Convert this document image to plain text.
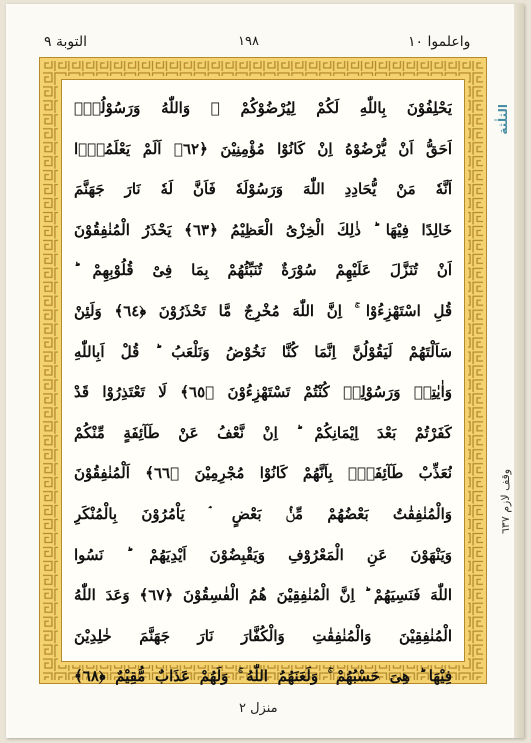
واعلموا ١٠
١٩٨
التوبة ٩
يَحْلِفُوْنَ بِاللّٰهِ لَكُمْ لِيُرْضُوْكُمْ ۚ وَاللّٰهُ وَرَسُوْلُهٗۤ
اَحَقُّ اَنْ يُّرْضُوْهُ اِنْ كَانُوْا مُؤْمِنِيْنَ ﴿٦٢﴾ اَلَمْ يَعْلَمُوْۤا
اَنَّهٗ مَنْ يُّحَادِدِ اللّٰهَ وَرَسُوْلَهٗ فَاَنَّ لَهٗ نَارَ جَهَنَّمَ
خَالِدًا فِيْهَا ؕ ذٰلِكَ الْخِزْىُ الْعَظِيْمُ ﴿٦٣﴾ يَحْذَرُ الْمُنٰفِقُوْنَ
اَنْ تُنَزَّلَ عَلَيْهِمْ سُوْرَةٌ تُنَبِّئُهُمْ بِمَا فِىْ قُلُوْبِهِمْ ؕ
قُلِ اسْتَهْزِءُوْا ۚ اِنَّ اللّٰهَ مُخْرِجٌ مَّا تَحْذَرُوْنَ ﴿٦٤﴾ وَلَئِنْ
سَاَلْتَهُمْ لَيَقُوْلُنَّ اِنَّمَا كُنَّا نَخُوْضُ وَنَلْعَبُ ؕ قُلْ اَبِاللّٰهِ
وَاٰيٰتِهٖ وَرَسُوْلِهٖ كُنْتُمْ تَسْتَهْزِءُوْنَ ﴿٦٥﴾ لَا تَعْتَذِرُوْا قَدْ
كَفَرْتُمْ بَعْدَ اِيْمَانِكُمْ ؕ اِنْ نَّعْفُ عَنْ طَآئِفَةٍ مِّنْكُمْ
نُعَذِّبْ طَآئِفَةًۢ بِاَنَّهُمْ كَانُوْا مُجْرِمِيْنَ ﴿٦٦﴾ اَلْمُنٰفِقُوْنَ
وَالْمُنٰفِقٰتُ بَعْضُهُمْ مِّنْۢ بَعْضٍ ۘ يَاْمُرُوْنَ بِالْمُنْكَرِ
وَيَنْهَوْنَ عَنِ الْمَعْرُوْفِ وَيَقْبِضُوْنَ اَيْدِيَهُمْ ؕ نَسُوا
اللّٰهَ فَنَسِيَهُمْ ؕ اِنَّ الْمُنٰفِقِيْنَ هُمُ الْفٰسِقُوْنَ ﴿٦٧﴾ وَعَدَ اللّٰهُ
الْمُنٰفِقِيْنَ وَالْمُنٰفِقٰتِ وَالْكُفَّارَ نَارَ جَهَنَّمَ خٰلِدِيْنَ
فِيْهَا ؕ هِىَ حَسْبُهُمْ ۚ وَلَعَنَهُمُ اللّٰهُ ۚ وَلَهُمْ عَذَابٌ مُّقِيْمٌ ﴿٦٨﴾
الثلٰثة
وقف لازم ٦٣٧
منزل ٢
